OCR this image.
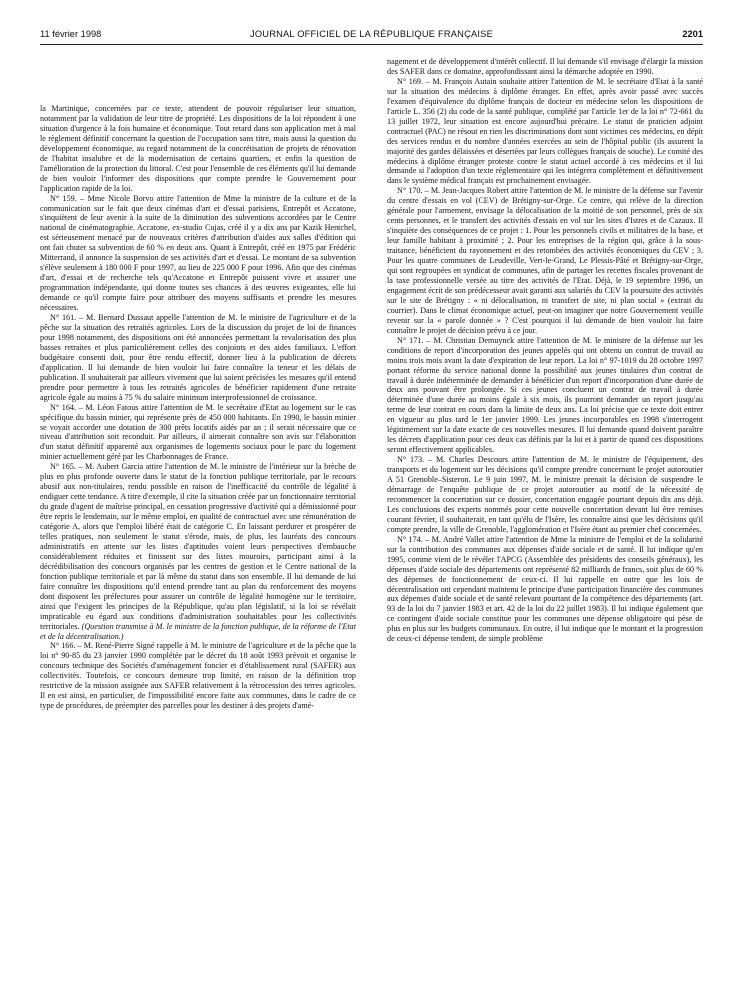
11 février 1998	JOURNAL OFFICIEL DE LA RÉPUBLIQUE FRANÇAISE	2201

la Martinique, concernées par ce texte, attendent de pouvoir régulariser leur situation, notamment par la validation de leur titre de propriété. Les dispositions de la loi répondent à une situation d'urgence à la fois humaine et économique. Tout retard dans son application met à mal le règlement définitif concernant la question de l'occupation sans titre, mais aussi la question du développement économique, au regard notamment de la concrétisation de projets de rénovation de l'habitat insalubre et de la modernisation de certains quartiers, et enfin la question de l'amélioration de la protection du littoral. C'est pour l'ensemble de ces éléments qu'il lui demande de bien vouloir l'informer des dispositions que compte prendre le Gouvernement pour l'application rapide de la loi.

N° 159. – Mme Nicole Borvo attire l'attention de Mme la ministre de la culture et de la communication sur le fait que deux cinémas d'art et d'essai parisiens, Entrepôt et Accatone, s'inquiètent de leur avenir à la suite de la diminution des subventions accordées par le Centre national de cinématographie. Accatone, ex-studio Cujas, créé il y a dix ans par Kazik Hentchel, est sérieusement menacé par de nouveaux critères d'attribution d'aides aux salles d'édition qui ont fait chuter sa subvention de 60 % en deux ans. Quant à Entrepôt, créé en 1975 par Frédéric Mitterrand, il annonce la suspension de ses activités d'art et d'essai. Le montant de sa subvention s'élève seulement à 180 000 F pour 1997, au lieu de 225 000 F pour 1996. Afin que des cinémas d'art, d'essai et de recherche tels qu'Accatone et Entrepôt puissent vivre et assurer une programmation indépendante, qui donne toutes ses chances à des œuvres exigeantes, elle lui demande ce qu'il compte faire pour attribuer des moyens suffisants et prendre les mesures nécessaires.

N° 161. – M. Bernard Dussaut appelle l'attention de M. le ministre de l'agriculture et de la pêche sur la situation des retraités agricoles. Lors de la discussion du projet de loi de finances pour 1998 notamment, des dispositions ont été annoncées permettant la revalorisation des plus basses retraites et plus particulièrement celles des conjoints et des aides familiaux. L'effort budgétaire consenti doit, pour être rendu effectif, donner lieu à la publication de décrets d'application. Il lui demande de bien vouloir lui faire connaître la teneur et les délais de publication. Il souhaiterait par ailleurs vivement que lui soient précisées les mesures qu'il entend prendre pour permettre à tous les retraités agricoles de bénéficier rapidement d'une retraite agricole égale au moins à 75 % du salaire minimum interprofessionnel de croissance.

N° 164. – M. Léon Fatous attire l'attention de M. le secrétaire d'Etat au logement sur le cas spécifique du bassin minier, qui représente près de 450 000 habitants. En 1990, le bassin minier se voyait accorder une dotation de 300 prêts locatifs aidés par an ; il serait nécessaire que ce niveau d'attribution soit reconduit. Par ailleurs, il aimerait connaître son avis sur l'élaboration d'un statut définitif apparenté aux organismes de logements sociaux pour le parc du logement minier actuellement géré par les Charbonnages de France.

N° 165. – M. Aubert Garcia attire l'attention de M. le ministre de l'intérieur sur la brèche de plus en plus profonde ouverte dans le statut de la fonction publique territoriale, par le recours abusif aux non-titulaires, rendu possible en raison de l'inefficacité du contrôle de légalité à endiguer cette tendance. A titre d'exemple, il cite la situation créée par un fonctionnaire territorial du grade d'agent de maîtrise principal, en cessation progressive d'activité qui a démissionné pour être repris le lendemain, sur le même emploi, en qualité de contractuel avec une rémunération de catégorie A, alors que l'emploi libéré était de catégorie C. En laissant perdurer et prospérer de telles pratiques, non seulement le statut s'érode, mais, de plus, les lauréats des concours administratifs en attente sur les listes d'aptitudes voient leurs perspectives d'embauche considérablement réduites et finissent sur des listes mouroirs, participant ainsi à la décrédibilisation des concours organisés par les centres de gestion et le Centre national de la fonction publique territoriale et par là même du statut dans son ensemble. Il lui demande de lui faire connaître les dispositions qu'il entend prendre tant au plan du renforcement des moyens dont disposent les préfectures pour assurer un contrôle de légalité homogène sur le territoire, ainsi que l'exigent les principes de la République, qu'au plan législatif, si la loi se révélait impraticable eu égard aux conditions d'administration souhaitables pour les collectivités territoriales. (Question transmise à M. le ministre de la fonction publique, de la réforme de l'Etat et de la décentralisation.)

N° 166. – M. René-Pierre Signé rappelle à M. le ministre de l'agriculture et de la pêche que la loi n° 90-85 du 23 janvier 1990 complétée par le décret du 18 août 1993 prévoit et organise le concours technique des Sociétés d'aménagement foncier et d'établissement rural (SAFER) aux collectivités. Toutefois, ce concours demeure trop limité, en raison de la définition trop restrictive de la mission assignée aux SAFER relativement à la rétrocession des terres agricoles. Il en est ainsi, en particulier, de l'impossibilité encore faite aux communes, dans le cadre de ce type de procédures, de préempter des parcelles pour les destiner à des projets d'amé-

nagement et de développement d'intérêt collectif. Il lui demande s'il envisage d'élargir la mission des SAFER dans ce domaine, approfondissant ainsi la démarche adoptée en 1990.

N° 169. – M. François Autain souhaite attirer l'attention de M. le secrétaire d'Etat à la santé sur la situation des médecins à diplôme étranger. En effet, après avoir passé avec succès l'examen d'équivalence du diplôme français de docteur en médecine selon les dispositions de l'article L. 356 (2) du code de la santé publique, complété par l'article 1er de la loi n° 72-661 du 13 juillet 1972, leur situation est encore aujourd'hui précaire. Le statut de praticien adjoint contractuel (PAC) ne résout en rien les discriminations dont sont victimes ces médecins, en dépit des services rendus et du nombre d'années exercées au sein de l'hôpital public (ils assurent la majorité des gardes délaissées et désertées par leurs collègues français de souche). Le comité des médecins à diplôme étranger proteste contre le statut actuel accordé à ces médecins et il lui demande si l'adoption d'un texte réglementaire qui les intégrera complètement et définitivement dans le système médical français est prochainement envisagée.

N° 170. – M. Jean-Jacques Robert attire l'attention de M. le ministre de la défense sur l'avenir du centre d'essais en vol (CEV) de Brétigny-sur-Orge. Ce centre, qui relève de la direction générale pour l'armement, envisage la délocalisation de la moitié de son personnel, près de six cents personnes, et le transfert des activités d'essais en vol sur les sites d'Istres et de Cazaux. Il s'inquiète des conséquences de ce projet : 1. Pour les personnels civils et militaires de la base, et leur famille habitant à proximité ; 2. Pour les entreprises de la région qui, grâce à la sous-traitance, bénéficient du rayonnement et des retombées des activités économiques du CEV ; 3. Pour les quatre communes de Leudeville, Vert-le-Grand, Le Plessis-Pâté et Brétigny-sur-Orge, qui sont regroupées en syndicat de communes, afin de partager les recettes fiscales provenant de la taxe professionnelle versée au titre des activités de l'Etat. Déjà, le 19 septembre 1996, un engagement écrit de son prédécesseur avait garanti aux salariés du CEV la poursuite des activités sur le site de Brétigny : « ni délocalisation, ni transfert de site, ni plan social » (extrait du courrier). Dans le climat économique actuel, peut-on imaginer que notre Gouvernement veuille revenir sur la « parole donnée » ? C'est pourquoi il lui demande de bien vouloir lui faire connaître le projet de décision prévu à ce jour.

N° 171. – M. Christian Demuynck attire l'attention de M. le ministre de la défense sur les conditions de report d'incorporation des jeunes appelés qui ont obtenu un contrat de travail au moins trois mois avant la date d'expiration de leur report. La loi n° 97-1019 du 28 octobre 1997 portant réforme du service national donne la possibilité aux jeunes titulaires d'un contrat de travail à durée indéterminée de demander à bénéficier d'un report d'incorporation d'une durée de deux ans pouvant être prolongée. Si ces jeunes concluent un contrat de travail à durée déterminée d'une durée au moins égale à six mois, ils pourront demander un report jusqu'au terme de leur contrat en cours dans la limite de deux ans. La loi précise que ce texte doit entrer en vigueur au plus tard le 1er janvier 1999. Les jeunes incorporables en 1998 s'interrogent légitimement sur la date exacte de ces nouvelles mesures. Il lui demande quand doivent paraître les décrets d'application pour ces deux cas définis par la loi et à partir de quand ces dispositions seront effectivement applicables.

N° 173. – M. Charles Descours attire l'attention de M. le ministre de l'équipement, des transports et du logement sur les décisions qu'il compte prendre concernant le projet autoroutier A 51 Grenoble–Sisteron. Le 9 juin 1997, M. le ministre prenait la décision de suspendre le démarrage de l'enquête publique de ce projet autoroutier au motif de la nécessité de recommencer la concertation sur ce dossier, concertation engagée pourtant depuis dix ans déjà. Les conclusions des experts nommés pour cette nouvelle concertation devant lui être remises courant février, il souhaiterait, en tant qu'élu de l'Isère, les connaître ainsi que les décisions qu'il compte prendre, la ville de Grenoble, l'agglomération et l'Isère étant au premier chef concernées.

N° 174. – M. André Vallet attire l'attention de Mme la ministre de l'emploi et de la solidarité sur la contribution des communes aux dépenses d'aide sociale et de santé. Il lui indique qu'en 1995, comme vient de le révéler l'APCG (Assemblée des présidents des conseils généraux), les dépenses d'aide sociale des départements ont représenté 82 milliards de francs, soit plus de 60 % des dépenses de fonctionnement de ceux-ci. Il lui rappelle en outre que les lois de décentralisation ont cependant maintenu le principe d'une participation financière des communes aux dépenses d'aide sociale et de santé relevant pourtant de la compétence des départements (art. 93 de la loi du 7 janvier 1983 et art. 42 de la loi du 22 juillet 1983). Il lui indique également que ce contingent d'aide sociale constitue pour les communes une dépense obligatoire qui pèse de plus en plus sur les budgets communaux. En outre, il lui indique que le montant et la progression de ceux-ci dépense tendent, de simple problème
